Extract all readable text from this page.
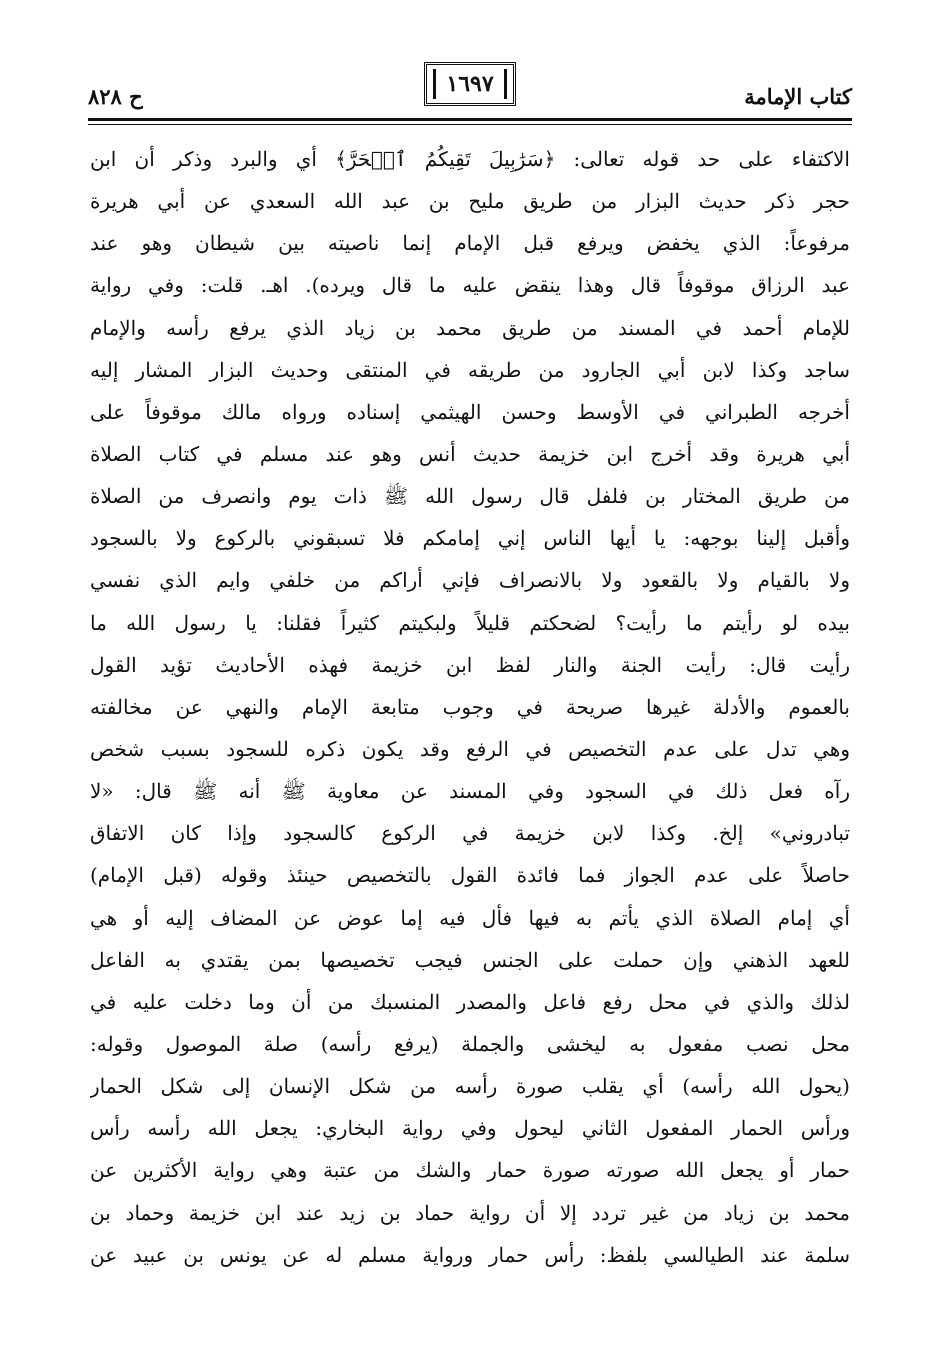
كتاب الإمامة
١٦٩٧
ح ٨٢٨
الاكتفاء على حد قوله تعالى: ﴿سَرَٰبِيلَ تَقِيكُمُ ٱلۡحَرَّ﴾ أي والبرد وذكر أن ابن
حجر ذكر حديث البزار من طريق مليح بن عبد الله السعدي عن أبي هريرة
مرفوعاً: الذي يخفض ويرفع قبل الإمام إنما ناصيته بين شيطان وهو عند
عبد الرزاق موقوفاً قال وهذا ينقض عليه ما قال ويرده). اهـ. قلت: وفي رواية
للإمام أحمد في المسند من طريق محمد بن زياد الذي يرفع رأسه والإمام
ساجد وكذا لابن أبي الجارود من طريقه في المنتقى وحديث البزار المشار إليه
أخرجه الطبراني في الأوسط وحسن الهيثمي إسناده ورواه مالك موقوفاً على
أبي هريرة وقد أخرج ابن خزيمة حديث أنس وهو عند مسلم في كتاب الصلاة
من طريق المختار بن فلفل قال رسول الله ﷺ ذات يوم وانصرف من الصلاة
وأقبل إلينا بوجهه: يا أيها الناس إني إمامكم فلا تسبقوني بالركوع ولا بالسجود
ولا بالقيام ولا بالقعود ولا بالانصراف فإني أراكم من خلفي وايم الذي نفسي
بيده لو رأيتم ما رأيت؟ لضحكتم قليلاً ولبكيتم كثيراً فقلنا: يا رسول الله ما
رأيت قال: رأيت الجنة والنار لفظ ابن خزيمة فهذه الأحاديث تؤيد القول
بالعموم والأدلة غيرها صريحة في وجوب متابعة الإمام والنهي عن مخالفته
وهي تدل على عدم التخصيص في الرفع وقد يكون ذكره للسجود بسبب شخص
رآه فعل ذلك في السجود وفي المسند عن معاوية ﷺ أنه ﷺ قال: «لا
تبادروني» إلخ. وكذا لابن خزيمة في الركوع كالسجود وإذا كان الاتفاق
حاصلاً على عدم الجواز فما فائدة القول بالتخصيص حينئذ وقوله (قبل الإمام)
أي إمام الصلاة الذي يأتم به فيها فأل فيه إما عوض عن المضاف إليه أو هي
للعهد الذهني وإن حملت على الجنس فيجب تخصيصها بمن يقتدي به الفاعل
لذلك والذي في محل رفع فاعل والمصدر المنسبك من أن وما دخلت عليه في
محل نصب مفعول به ليخشى والجملة (يرفع رأسه) صلة الموصول وقوله:
(يحول الله رأسه) أي يقلب صورة رأسه من شكل الإنسان إلى شكل الحمار
ورأس الحمار المفعول الثاني ليحول وفي رواية البخاري: يجعل الله رأسه رأس
حمار أو يجعل الله صورته صورة حمار والشك من عتبة وهي رواية الأكثرين عن
محمد بن زياد من غير تردد إلا أن رواية حماد بن زيد عند ابن خزيمة وحماد بن
سلمة عند الطيالسي بلفظ: رأس حمار ورواية مسلم له عن يونس بن عبيد عن
